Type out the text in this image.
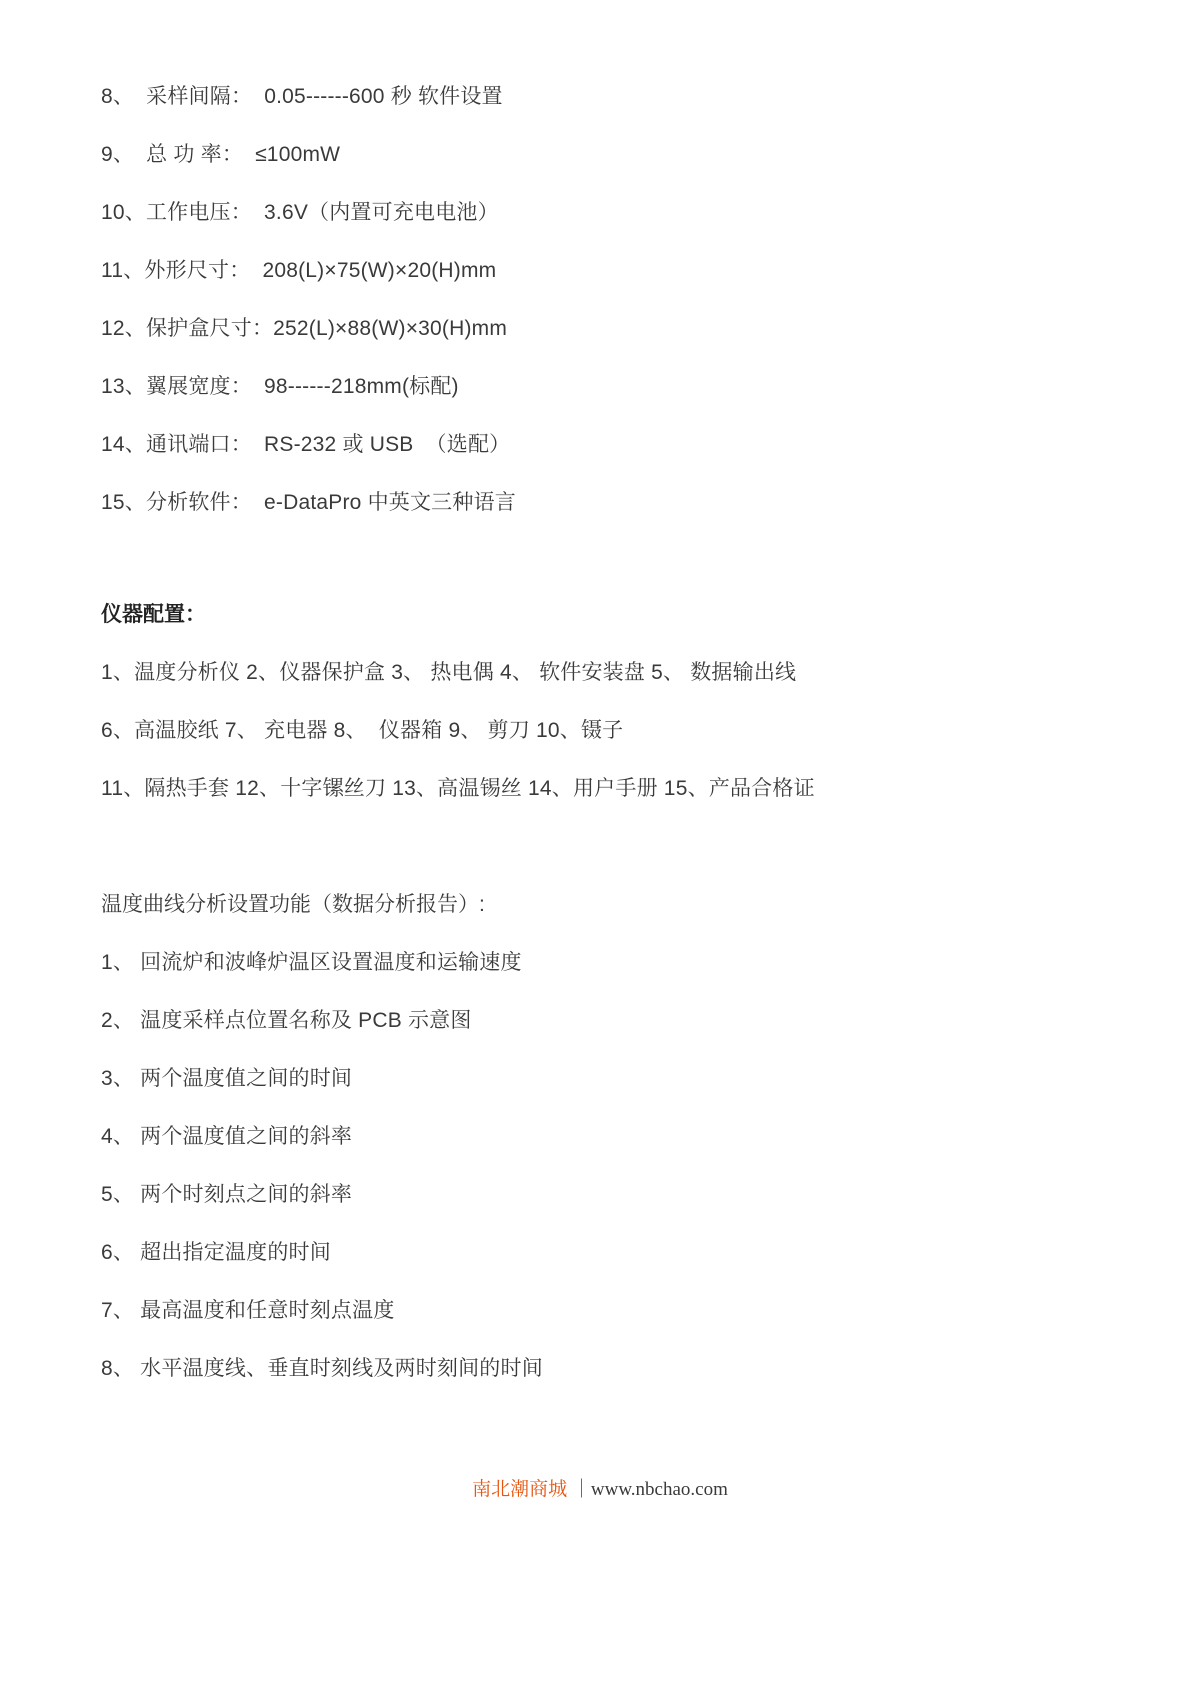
8、  采样间隔：  0.05------600 秒 软件设置

9、  总 功 率：  ≤100mW

10、工作电压：  3.6V（内置可充电电池）

11、外形尺寸：  208(L)×75(W)×20(H)mm

12、保护盒尺寸：252(L)×88(W)×30(H)mm

13、翼展宽度：  98------218mm(标配)

14、通讯端口：  RS-232 或 USB  （选配）

15、分析软件：  e-DataPro 中英文三种语言

仪器配置：

1、温度分析仪 2、仪器保护盒 3、 热电偶 4、 软件安装盘 5、 数据输出线

6、高温胶纸 7、 充电器 8、  仪器箱 9、 剪刀 10、镊子

11、隔热手套 12、十字镙丝刀 13、高温锡丝 14、用户手册 15、产品合格证

温度曲线分析设置功能（数据分析报告）:

1、 回流炉和波峰炉温区设置温度和运输速度

2、 温度采样点位置名称及 PCB 示意图

3、 两个温度值之间的时间

4、 两个温度值之间的斜率

5、 两个时刻点之间的斜率

6、 超出指定温度的时间

7、 最高温度和任意时刻点温度

8、 水平温度线、垂直时刻线及两时刻间的时间

南北潮商城 ｜www.nbchao.com
